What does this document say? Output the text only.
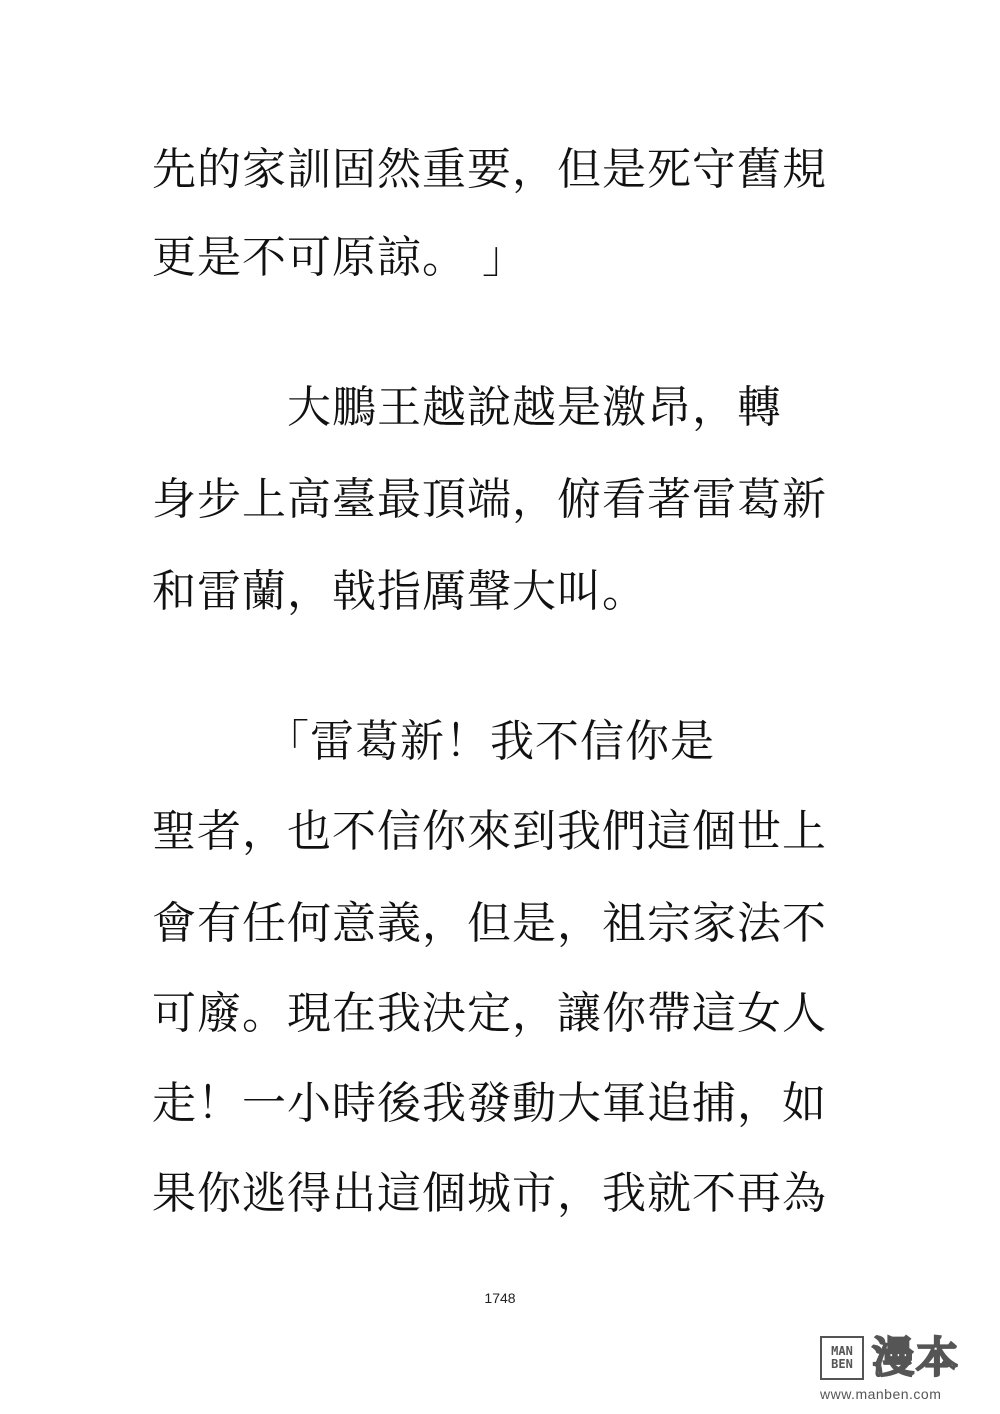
先的家訓固然重要，但是死守舊規
更是不可原諒。 」
　　　大鵬王越說越是激昂，轉
身步上高臺最頂端，俯看著雷葛新
和雷蘭，戟指厲聲大叫。
　　　「雷葛新！我不信你是
聖者，也不信你來到我們這個世上
會有任何意義，但是，祖宗家法不
可廢。現在我決定，讓你帶這女人
走！一小時後我發動大軍追捕，如
果你逃得出這個城市，我就不再為
1748
MAN
BEN 漫本
www.manben.com
